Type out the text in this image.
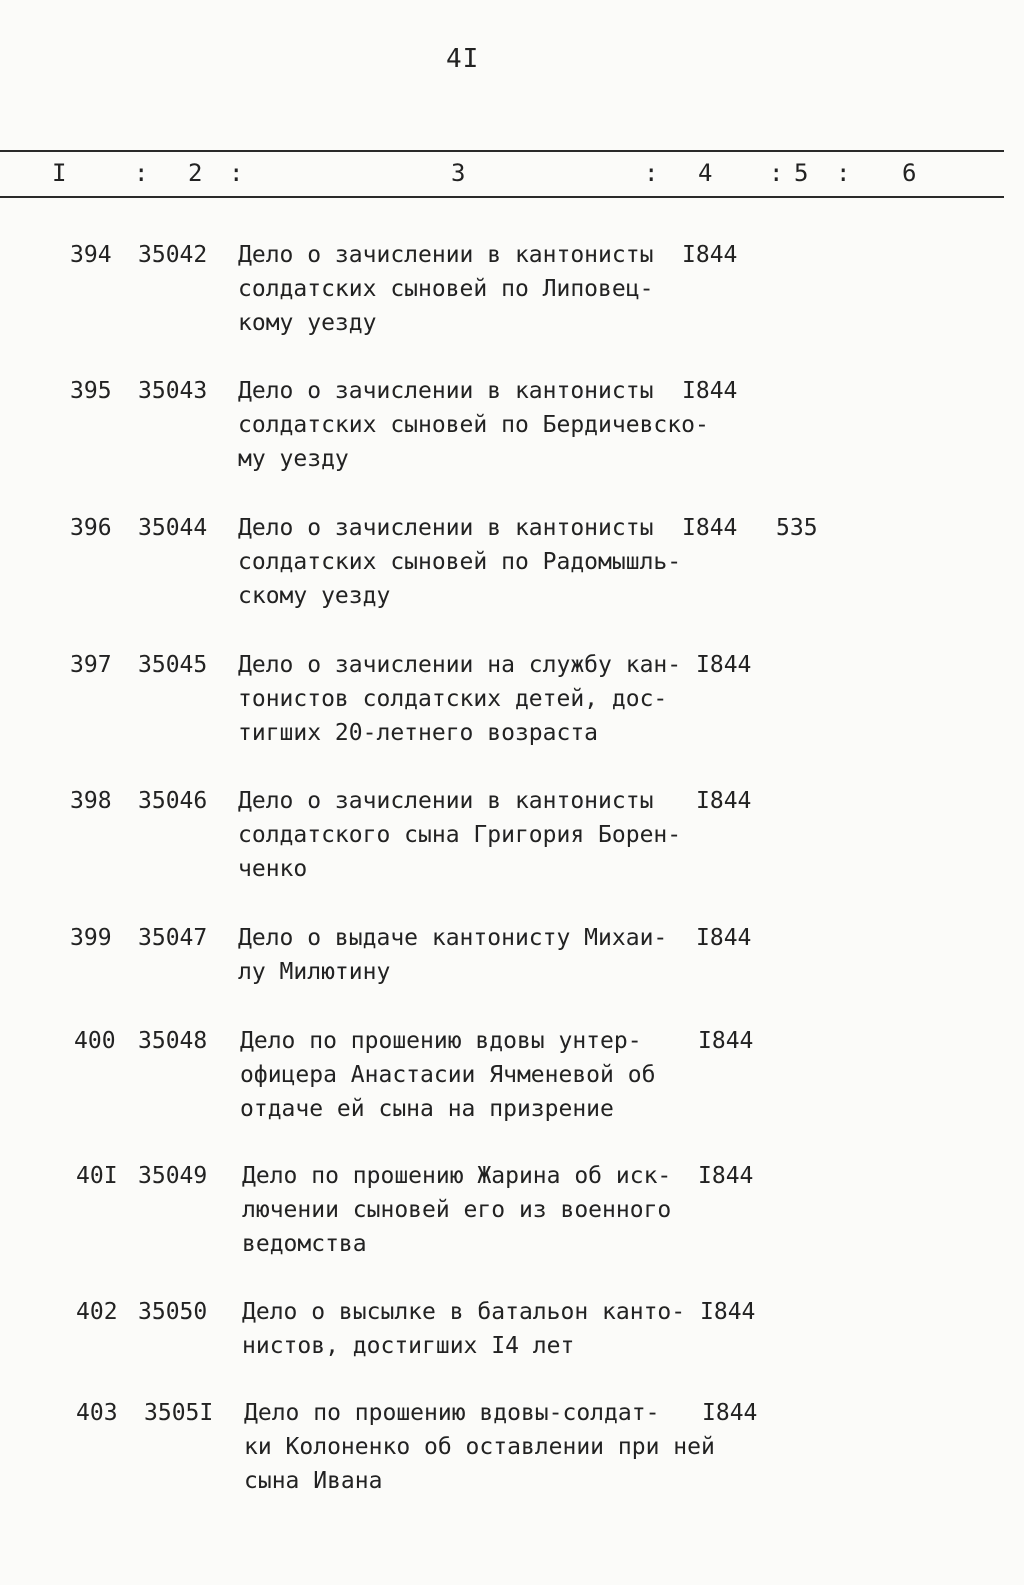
4I
I	: 2 :	3	: 4 : 5 : 6
394 35042 Дело о зачислении в кантонисты
солдатских сыновей по Липовец-
кому уезду
I844
395 35043 Дело о зачислении в кантонисты
солдатских сыновей по Бердичевско-
му уезду
I844
396 35044 Дело о зачислении в кантонисты
солдатских сыновей по Радомышль-
скому уезду
I844 535
397 35045 Дело о зачислении на службу кан-
тонистов солдатских детей, дос-
тигших 20-летнего возраста
I844
398 35046 Дело о зачислении в кантонисты
солдатского сына Григория Борен-
ченко
I844
399 35047 Дело о выдаче кантонисту Михаи-
лу Милютину
I844
400 35048 Дело по прошению вдовы унтер-
офицера Анастасии Ячменевой об
отдаче ей сына на призрение
I844
40I 35049 Дело по прошению Жарина об иск-
лючении сыновей его из военного
ведомства
I844
402 35050 Дело о высылке в батальон канто-
нистов, достигших I4 лет
I844
403 3505I Дело по прошению вдовы-солдат-
ки Колоненко об оставлении при ней
сына Ивана
I844
